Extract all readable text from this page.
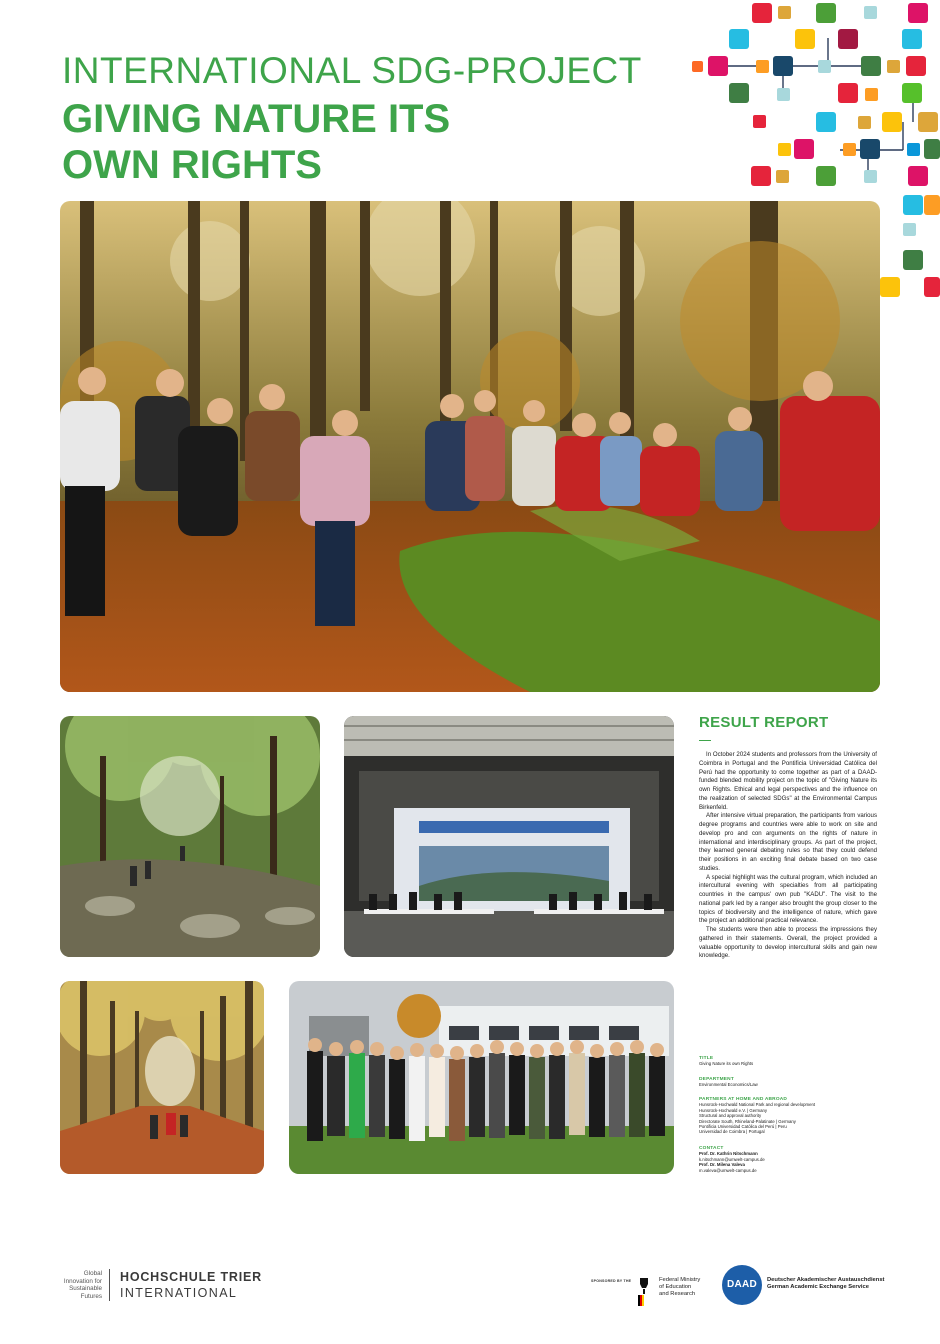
INTERNATIONAL SDG-PROJECT
GIVING NATURE ITS OWN RIGHTS
RESULT REPORT

In October 2024 students and professors from the University of Coimbra in Portugal and the Pontificia Universidad Católica del Perú had the opportunity to come together as part of a DAAD-funded blended mobility project on the topic of "Giving Nature its own Rights. Ethical and legal perspectives and the influence on the realization of selected SDGs" at the Environmental Campus Birkenfeld.

After intensive virtual preparation, the participants from various degree programs and countries were able to work on site and develop pro and con arguments on the rights of nature in international and interdisciplinary groups. As part of the project, they learned general debating rules so that they could defend their positions in an exciting final debate based on two case studies.

A special highlight was the cultural program, which included an intercultural evening with specialties from all participating countries in the campus' own pub "KADU". The visit to the national park led by a ranger also brought the group closer to the topics of biodiversity and the intelligence of nature, which gave the project an additional practical relevance.

The students were then able to process the impressions they gathered in their statements. Overall, the project provided a valuable opportunity to develop intercultural skills and gain new knowledge.

TITLE
Giving Nature its own Rights
DEPARTMENT
Environmental Economics/Law
PARTNERS AT HOME AND ABROAD
Hunsrück-Hochwald National Park and regional development
Hunsrück-Hochwald e.V. | Germany
Structural and approval authority
Directorate South, Rhineland-Palatinate | Germany
Pontificia Universidad Católica del Perú | Peru
Universidad de Coimbra | Portugal
CONTACT
Prof. Dr. Kathrin Nitschmann
k.nitschmann@umwelt-campus.de
Prof. Dr. Milena Valeva
m.valeva@umwelt-campus.de
Global
Innovation for
Sustainable
Futures
HOCHSCHULE TRIER
INTERNATIONAL
SPONSORED BY THE	Federal Ministry
of Education
and Research
DAAD	Deutscher Akademischer Austauschdienst
German Academic Exchange Service
